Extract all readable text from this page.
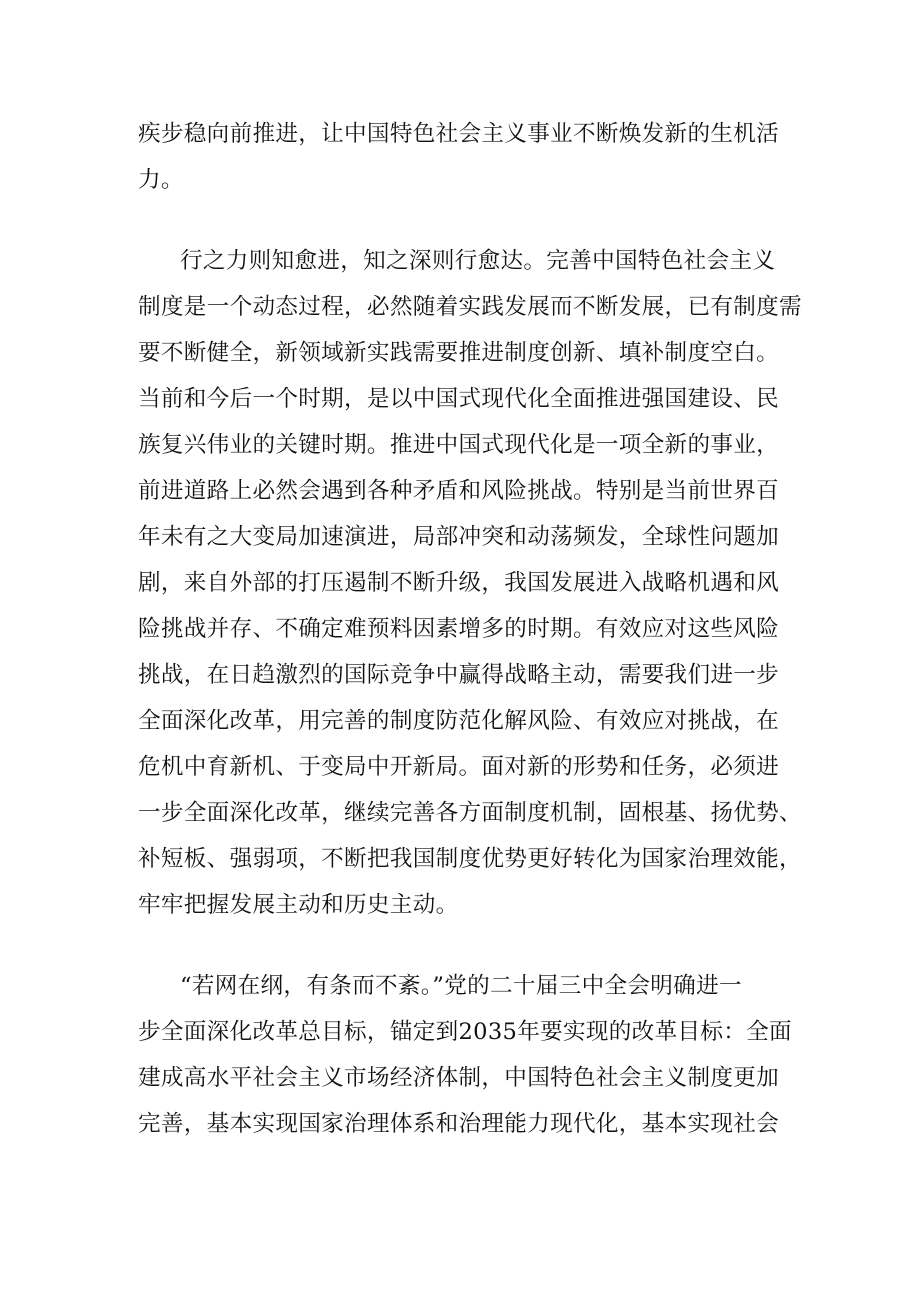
疾步稳向前推进，让中国特色社会主义事业不断焕发新的生机活
力。
行之力则知愈进，知之深则行愈达。完善中国特色社会主义
制度是一个动态过程，必然随着实践发展而不断发展，已有制度需
要不断健全，新领域新实践需要推进制度创新、填补制度空白。
当前和今后一个时期，是以中国式现代化全面推进强国建设、民
族复兴伟业的关键时期。推进中国式现代化是一项全新的事业，
前进道路上必然会遇到各种矛盾和风险挑战。特别是当前世界百
年未有之大变局加速演进，局部冲突和动荡频发，全球性问题加
剧，来自外部的打压遏制不断升级，我国发展进入战略机遇和风
险挑战并存、不确定难预料因素增多的时期。有效应对这些风险
挑战，在日趋激烈的国际竞争中赢得战略主动，需要我们进一步
全面深化改革，用完善的制度防范化解风险、有效应对挑战，在
危机中育新机、于变局中开新局。面对新的形势和任务，必须进
一步全面深化改革，继续完善各方面制度机制，固根基、扬优势、
补短板、强弱项，不断把我国制度优势更好转化为国家治理效能，
牢牢把握发展主动和历史主动。
“若网在纲，有条而不紊。”党的二十届三中全会明确进一
步全面深化改革总目标，锚定到2035年要实现的改革目标：全面
建成高水平社会主义市场经济体制，中国特色社会主义制度更加
完善，基本实现国家治理体系和治理能力现代化，基本实现社会
